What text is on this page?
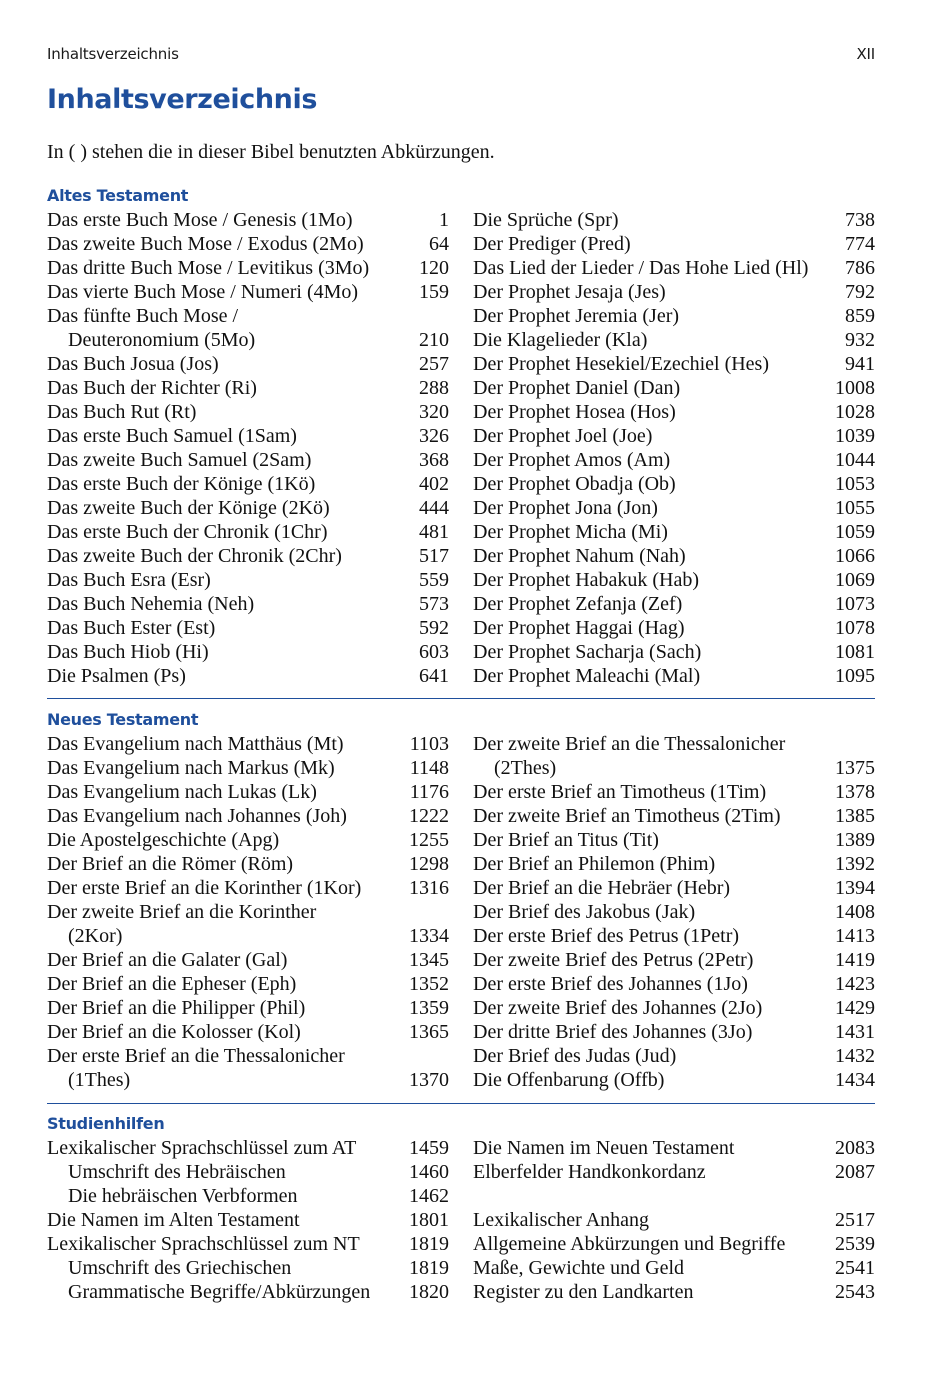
Inhaltsverzeichnis	XII
Inhaltsverzeichnis
In ( ) stehen die in dieser Bibel benutzten Abkürzungen.
Altes Testament
Das erste Buch Mose / Genesis (1Mo)	1
Das zweite Buch Mose / Exodus (2Mo)	64
Das dritte Buch Mose / Levitikus (3Mo) 120
Das vierte Buch Mose / Numeri (4Mo)	159
Das fünfte Buch Mose /
Deuteronomium (5Mo)	210
Das Buch Josua (Jos)	257
Das Buch der Richter (Ri)	288
Das Buch Rut (Rt)	320
Das erste Buch Samuel (1Sam)	326
Das zweite Buch Samuel (2Sam)	368
Das erste Buch der Könige (1Kö)	402
Das zweite Buch der Könige (2Kö)	444
Das erste Buch der Chronik (1Chr)	481
Das zweite Buch der Chronik (2Chr)	517
Das Buch Esra (Esr)	559
Das Buch Nehemia (Neh)	573
Das Buch Ester (Est)	592
Das Buch Hiob (Hi)	603
Die Psalmen (Ps)	641
Die Sprüche (Spr)	738
Der Prediger (Pred)	774
Das Lied der Lieder / Das Hohe Lied (Hl) 786
Der Prophet Jesaja (Jes)	792
Der Prophet Jeremia (Jer)	859
Die Klagelieder (Kla)	932
Der Prophet Hesekiel/Ezechiel (Hes)	941
Der Prophet Daniel (Dan)	1008
Der Prophet Hosea (Hos)	1028
Der Prophet Joel (Joe)	1039
Der Prophet Amos (Am)	1044
Der Prophet Obadja (Ob)	1053
Der Prophet Jona (Jon)	1055
Der Prophet Micha (Mi)	1059
Der Prophet Nahum (Nah)	1066
Der Prophet Habakuk (Hab)	1069
Der Prophet Zefanja (Zef)	1073
Der Prophet Haggai (Hag)	1078
Der Prophet Sacharja (Sach)	1081
Der Prophet Maleachi (Mal)	1095
Neues Testament
Das Evangelium nach Matthäus (Mt)	1103
Das Evangelium nach Markus (Mk)	1148
Das Evangelium nach Lukas (Lk)	1176
Das Evangelium nach Johannes (Joh)	1222
Die Apostelgeschichte (Apg)	1255
Der Brief an die Römer (Röm)	1298
Der erste Brief an die Korinther (1Kor) 1316
Der zweite Brief an die Korinther
(2Kor)	1334
Der Brief an die Galater (Gal)	1345
Der Brief an die Epheser (Eph)	1352
Der Brief an die Philipper (Phil)	1359
Der Brief an die Kolosser (Kol)	1365
Der erste Brief an die Thessalonicher
(1Thes)	1370
Der zweite Brief an die Thessalonicher
(2Thes)	1375
Der erste Brief an Timotheus (1Tim)	1378
Der zweite Brief an Timotheus (2Tim)	1385
Der Brief an Titus (Tit)	1389
Der Brief an Philemon (Phim)	1392
Der Brief an die Hebräer (Hebr)	1394
Der Brief des Jakobus (Jak)	1408
Der erste Brief des Petrus (1Petr)	1413
Der zweite Brief des Petrus (2Petr)	1419
Der erste Brief des Johannes (1Jo)	1423
Der zweite Brief des Johannes (2Jo)	1429
Der dritte Brief des Johannes (3Jo)	1431
Der Brief des Judas (Jud)	1432
Die Offenbarung (Offb)	1434
Studienhilfen
Lexikalischer Sprachschlüssel zum AT	1459
Umschrift des Hebräischen	1460
Die hebräischen Verbformen	1462
Die Namen im Alten Testament	1801
Lexikalischer Sprachschlüssel zum NT 1819
Umschrift des Griechischen	1819
Grammatische Begriffe/Abkürzungen 1820
Die Namen im Neuen Testament	2083
Elberfelder Handkonkordanz	2087
Lexikalischer Anhang	2517
Allgemeine Abkürzungen und Begriffe 2539
Maße, Gewichte und Geld	2541
Register zu den Landkarten	2543
